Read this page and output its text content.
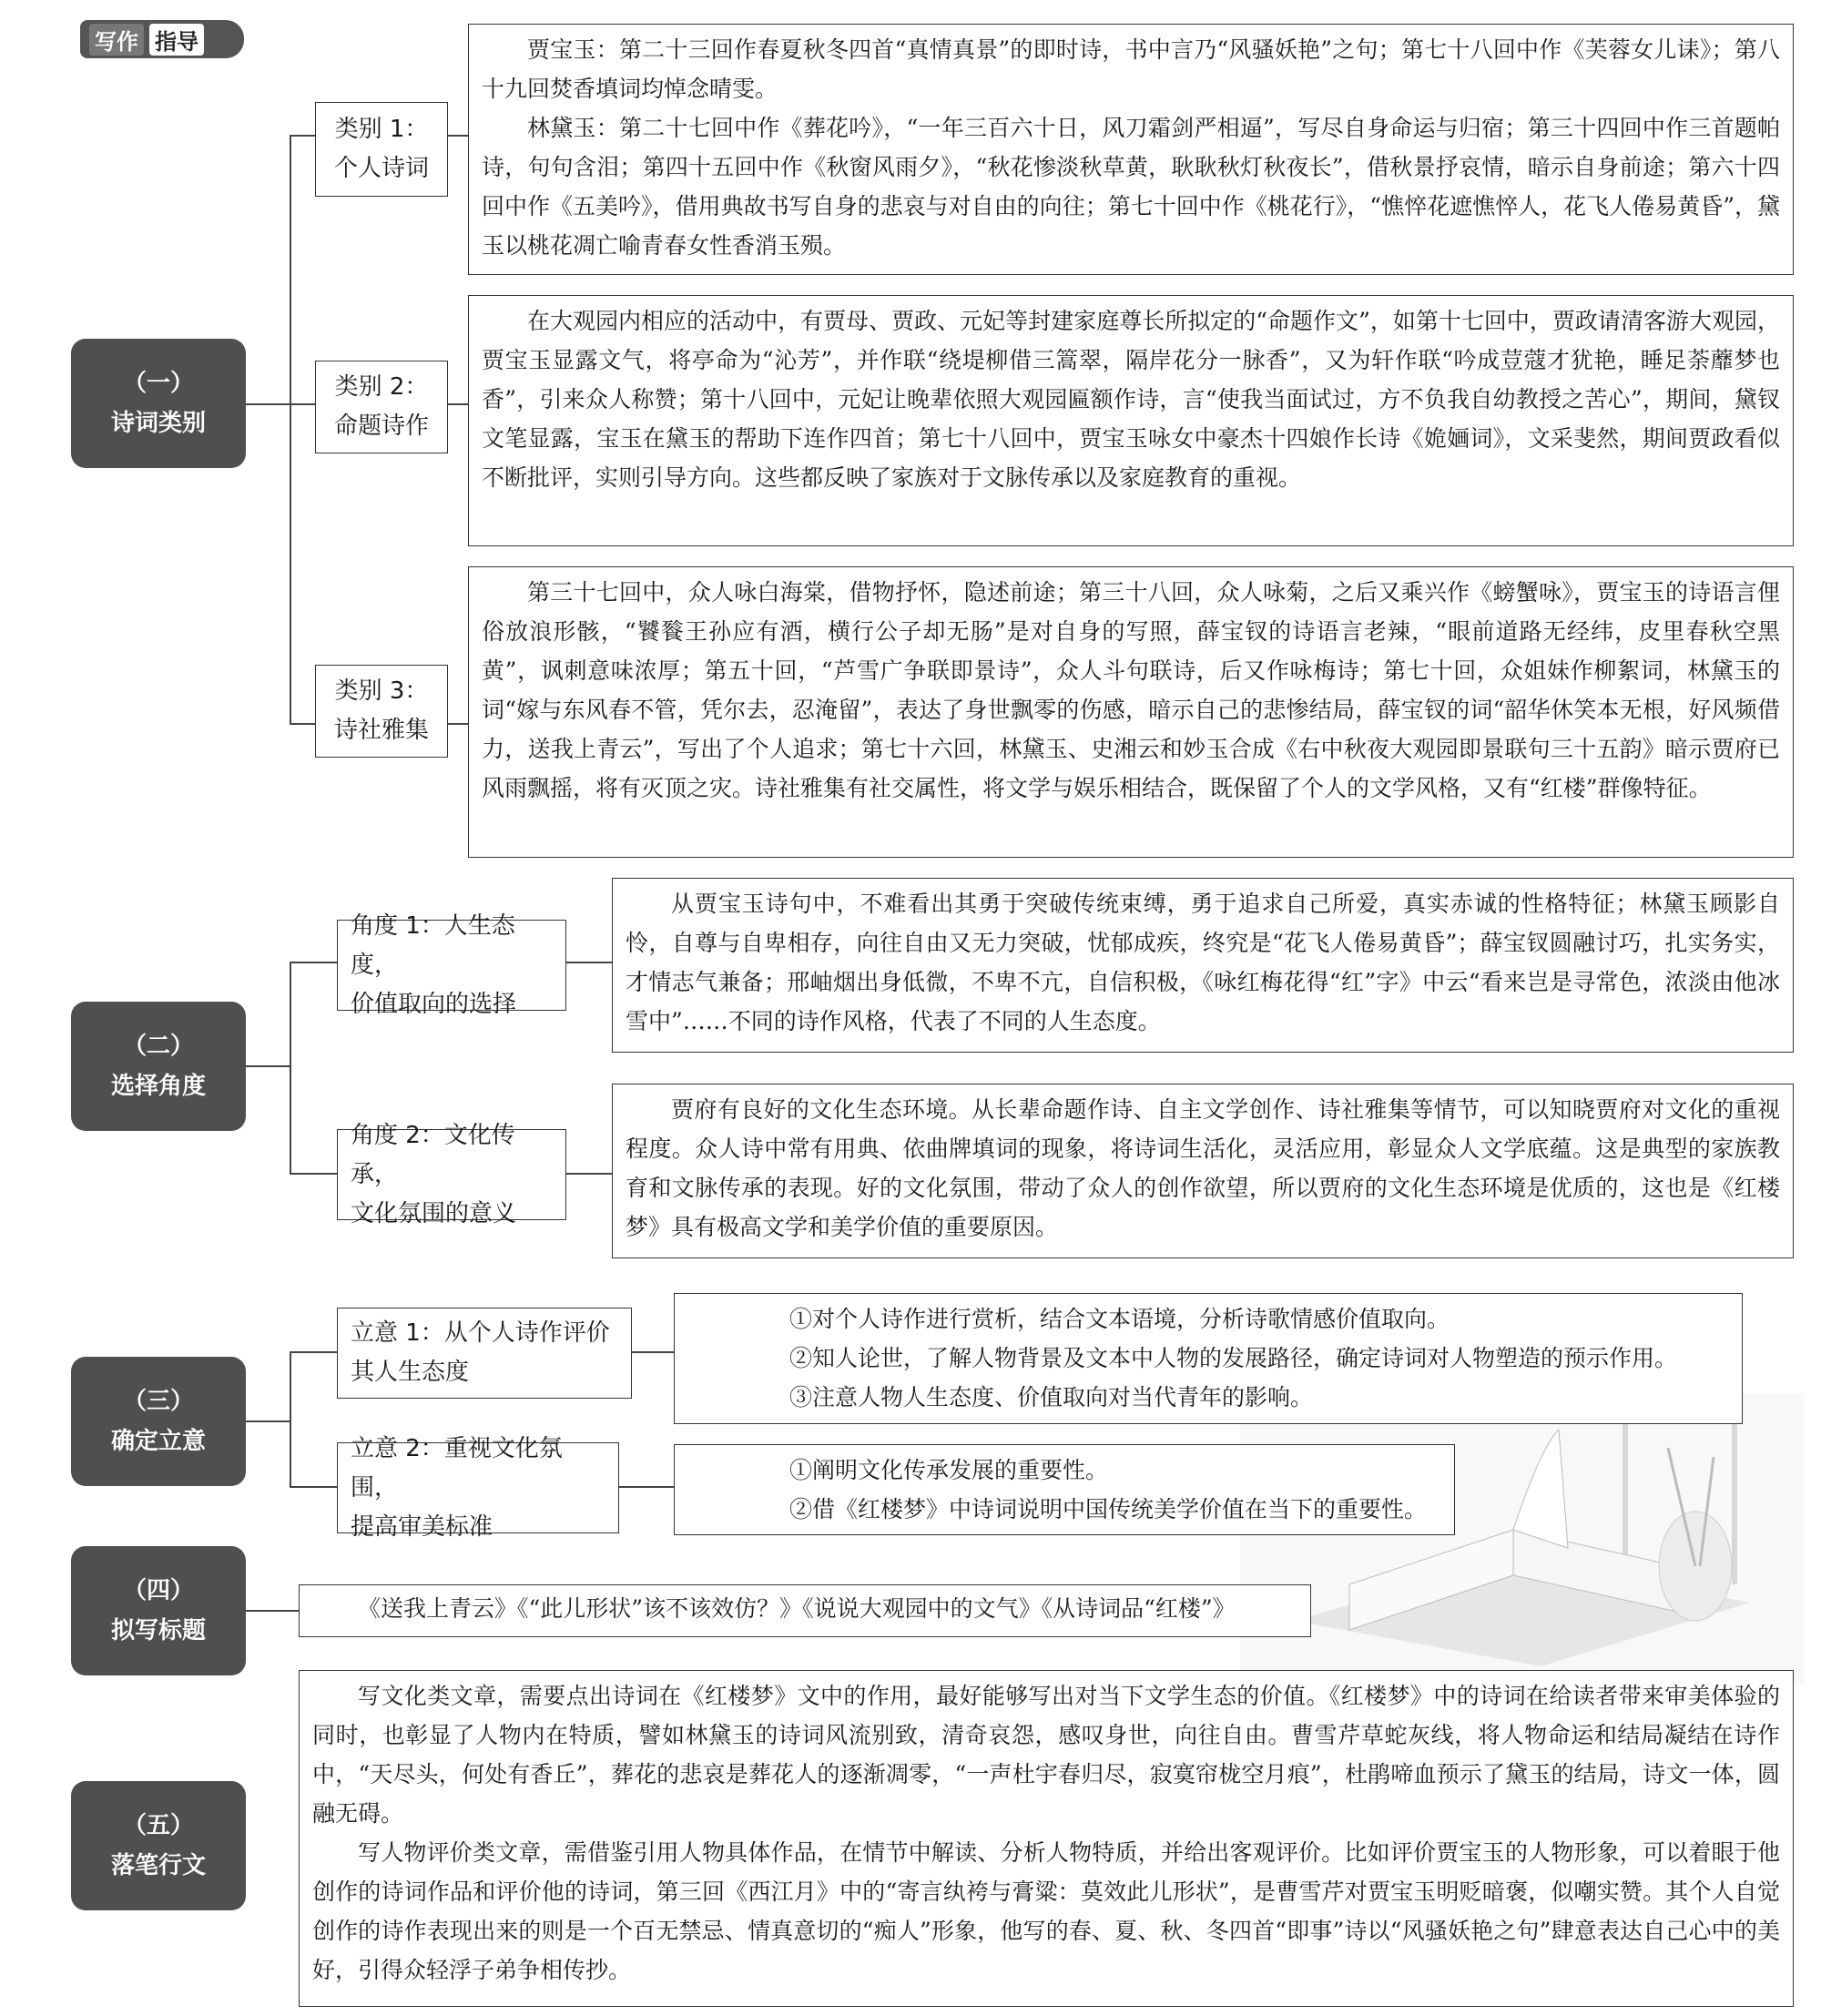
写作 指导
（一）
诗词类别
类别 1：
个人诗词

贾宝玉：第二十三回作春夏秋冬四首“真情真景”的即时诗，书中言乃“风骚妖艳”之句；第七十八回中作《芙蓉女儿诔》；第八十九回焚香填词均悼念晴雯。

林黛玉：第二十七回中作《葬花吟》，“一年三百六十日，风刀霜剑严相逼”，写尽自身命运与归宿；第三十四回中作三首题帕诗，句句含泪；第四十五回中作《秋窗风雨夕》，“秋花惨淡秋草黄，耿耿秋灯秋夜长”，借秋景抒哀情，暗示自身前途；第六十四回中作《五美吟》，借用典故书写自身的悲哀与对自由的向往；第七十回中作《桃花行》，“憔悴花遮憔悴人，花飞人倦易黄昏”，黛玉以桃花凋亡喻青春女性香消玉殒。

类别 2：
命题诗作

在大观园内相应的活动中，有贾母、贾政、元妃等封建家庭尊长所拟定的“命题作文”，如第十七回中，贾政请清客游大观园，贾宝玉显露文气，将亭命为“沁芳”，并作联“绕堤柳借三篙翠，隔岸花分一脉香”，又为轩作联“吟成荳蔻才犹艳，睡足荼蘼梦也香”，引来众人称赞；第十八回中，元妃让晚辈依照大观园匾额作诗，言“使我当面试过，方不负我自幼教授之苦心”，期间，黛钗文笔显露，宝玉在黛玉的帮助下连作四首；第七十八回中，贾宝玉咏女中豪杰十四娘作长诗《姽婳词》，文采斐然，期间贾政看似不断批评，实则引导方向。这些都反映了家族对于文脉传承以及家庭教育的重视。

类别 3：
诗社雅集

第三十七回中，众人咏白海棠，借物抒怀，隐述前途；第三十八回，众人咏菊，之后又乘兴作《螃蟹咏》，贾宝玉的诗语言俚俗放浪形骸，“饕餮王孙应有酒，横行公子却无肠”是对自身的写照，薛宝钗的诗语言老辣，“眼前道路无经纬，皮里春秋空黑黄”，讽刺意味浓厚；第五十回，“芦雪广争联即景诗”，众人斗句联诗，后又作咏梅诗；第七十回，众姐妹作柳絮词，林黛玉的词“嫁与东风春不管，凭尔去，忍淹留”，表达了身世飘零的伤感，暗示自己的悲惨结局，薛宝钗的词“韶华休笑本无根，好风频借力，送我上青云”，写出了个人追求；第七十六回，林黛玉、史湘云和妙玉合成《右中秋夜大观园即景联句三十五韵》暗示贾府已风雨飘摇，将有灭顶之灾。诗社雅集有社交属性，将文学与娱乐相结合，既保留了个人的文学风格，又有“红楼”群像特征。

（二）
选择角度
角度 1：人生态度，
价值取向的选择

从贾宝玉诗句中，不难看出其勇于突破传统束缚，勇于追求自己所爱，真实赤诚的性格特征；林黛玉顾影自怜，自尊与自卑相存，向往自由又无力突破，忧郁成疾，终究是“花飞人倦易黄昏”；薛宝钗圆融讨巧，扎实务实，才情志气兼备；邢岫烟出身低微，不卑不亢，自信积极，《咏红梅花得“红”字》中云“看来岂是寻常色，浓淡由他冰雪中”……不同的诗作风格，代表了不同的人生态度。

角度 2：文化传承，
文化氛围的意义

贾府有良好的文化生态环境。从长辈命题作诗、自主文学创作、诗社雅集等情节，可以知晓贾府对文化的重视程度。众人诗中常有用典、依曲牌填词的现象，将诗词生活化，灵活应用，彰显众人文学底蕴。这是典型的家族教育和文脉传承的表现。好的文化氛围，带动了众人的创作欲望，所以贾府的文化生态环境是优质的，这也是《红楼梦》具有极高文学和美学价值的重要原因。

（三）
确定立意
立意 1：从个人诗作评价
其人生态度

①对个人诗作进行赏析，结合文本语境，分析诗歌情感价值取向。

②知人论世，了解人物背景及文本中人物的发展路径，确定诗词对人物塑造的预示作用。

③注意人物人生态度、价值取向对当代青年的影响。

立意 2：重视文化氛围，
提高审美标准

①阐明文化传承发展的重要性。

②借《红楼梦》中诗词说明中国传统美学价值在当下的重要性。

（四）
拟写标题

《送我上青云》《“此儿形状”该不该效仿？》《说说大观园中的文气》《从诗词品“红楼”》

（五）
落笔行文

写文化类文章，需要点出诗词在《红楼梦》文中的作用，最好能够写出对当下文学生态的价值。《红楼梦》中的诗词在给读者带来审美体验的同时，也彰显了人物内在特质，譬如林黛玉的诗词风流别致，清奇哀怨，感叹身世，向往自由。曹雪芹草蛇灰线，将人物命运和结局凝结在诗作中，“天尽头，何处有香丘”，葬花的悲哀是葬花人的逐渐凋零，“一声杜宇春归尽，寂寞帘栊空月痕”，杜鹃啼血预示了黛玉的结局，诗文一体，圆融无碍。

写人物评价类文章，需借鉴引用人物具体作品，在情节中解读、分析人物特质，并给出客观评价。比如评价贾宝玉的人物形象，可以着眼于他创作的诗词作品和评价他的诗词，第三回《西江月》中的“寄言纨袴与膏粱：莫效此儿形状”，是曹雪芹对贾宝玉明贬暗褒，似嘲实赞。其个人自觉创作的诗作表现出来的则是一个百无禁忌、情真意切的“痴人”形象，他写的春、夏、秋、冬四首“即事”诗以“风骚妖艳之句”肆意表达自己心中的美好，引得众轻浮子弟争相传抄。
